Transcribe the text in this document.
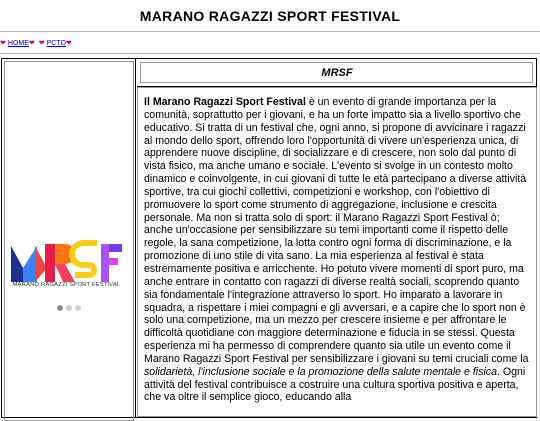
MARANO RAGAZZI SPORT FESTIVAL
❤ HOME❤ ❤ PCTO❤
MRSF
Il Marano Ragazzi Sport Festival è un evento di grande importanza per la comunità, soprattutto per i giovani, e ha un forte impatto sia a livello sportivo che educativo. Si tratta di un festival che, ogni anno, si propone di avvicinare i ragazzi al mondo dello sport, offrendo loro l'opportunità di vivere un'esperienza unica, di apprendere nuove discipline, di socializzare e di crescere, non solo dal punto di vista fisico, ma anche umano e sociale. L'evento si svolge in un contesto molto dinamico e coinvolgente, in cui giovani di tutte le età partecipano a diverse attività sportive, tra cui giochi collettivi, competizioni e workshop, con l'obiettivo di promuovere lo sport come strumento di aggregazione, inclusione e crescita personale. Ma non si tratta solo di sport: il Marano Ragazzi Sport Festival ò; anche un'occasione per sensibilizzare su temi importanti come il rispetto delle regole, la sana competizione, la lotta contro ogni forma di discriminazione, e la promozione di uno stile di vita sano. La mia esperienza al festival è stata estremamente positiva e arricchente. Ho potuto vivere momenti di sport puro, ma anche entrare in contatto con ragazzi di diverse realtà sociali, scoprendo quanto sia fondamentale l'integrazione attraverso lo sport. Ho imparato a lavorare in squadra, a rispettare i miei compagni e gli avversari, e a capire che lo sport non è solo una competizione, ma un mezzo per crescere insieme e per affrontare le difficoltà quotidiane con maggiore determinazione e fiducia in se stessi. Questa esperienza mi ha permesso di comprendere quanto sia utile un evento come il Marano Ragazzi Sport Festival per sensibilizzare i giovani su temi cruciali come la solidarietà, l'inclusione sociale e la promozione della salute mentale e fisica. Ogni attività del festival contribuisce a costruire una cultura sportiva positiva e aperta, che va oltre il semplice gioco, educando alla
MARANO RAGAZZI SPORT FESTIVAL
